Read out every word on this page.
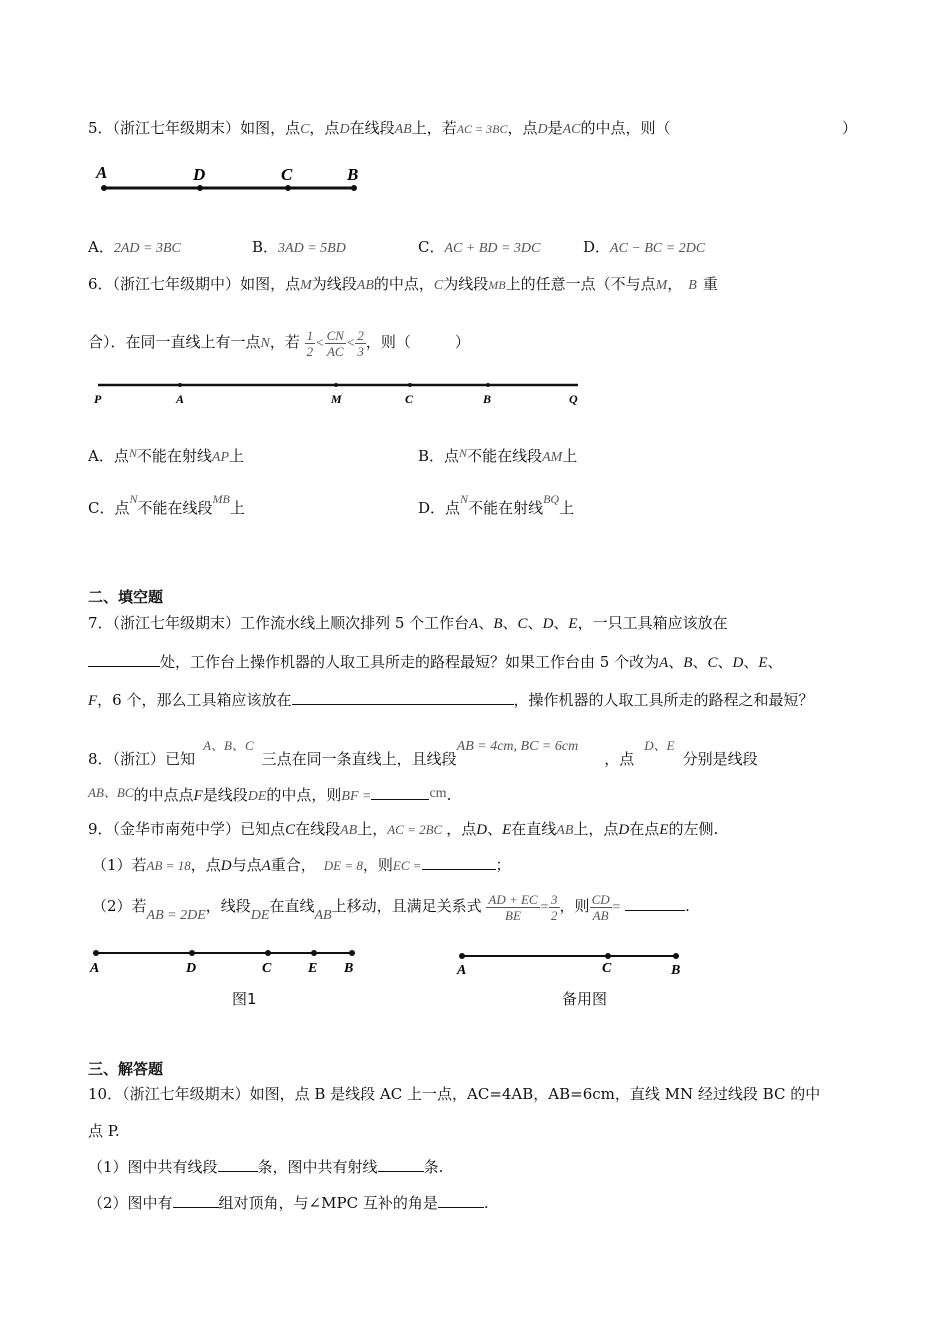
5．（浙江七年级期末）如图，点C，点D在线段AB上，若AC = 3BC，点D是AC的中点，则（	）
A	D	C	B
A．2AD = 3BC	B．3AD = 5BD	C．AC + BD = 3DC	D．AC − BC = 2DC
6．（浙江七年级期中）如图，点M为线段AB的中点，C为线段MB上的任意一点（不与点M， B 重
合）．在同一直线上有一点N，若 $\frac{1}{2} < \frac{CN}{AC} < \frac{2}{3}$ ，则（	）
P	A	M	C	B	Q
A．点$^N$不能在射线AP上	B．点$^N$不能在线段AM上
C．点$^N$不能在线段$^{MB}$上	D．点$^N$不能在射线$^{BQ}$上
二、填空题
7．（浙江七年级期末）工作流水线上顺次排列 5 个工作台A、B、C、D、E，一只工具箱应该放在
处，工作台上操作机器的人取工具所走的路程最短？如果工作台由 5 个改为A、B、C、D、E、
F，6 个，那么工具箱应该放在	，操作机器的人取工具所走的路程之和最短？
8．（浙江）已知A、B、C三点在同一条直线上，且线段AB = 4cm, BC = 6cm，点D、E分别是线段
AB、BC的中点点F是线段DE的中点，则BF =	cm.
9．（金华市南苑中学）已知点C在线段AB上，AC = 2BC ，点D、E在直线AB上，点D在点E的左侧.
（1）若AB = 18，点D与点A重合， DE = 8，则EC =	；
（2）若AB = 2DE，线段DE在直线AB上移动，且满足关系式 $\frac{AD + EC}{BE} = \frac{3}{2}$ ，则 $\frac{CD}{AB}$ =	.
A	D	C	E B
图1
A	C	B
备用图
三、解答题
10．（浙江七年级期末）如图，点 B 是线段 AC 上一点，AC=4AB，AB=6cm，直线 MN 经过线段 BC 的中
点 P.
（1）图中共有线段	条，图中共有射线	条.
（2）图中有	组对顶角，与∠MPC 互补的角是	.
